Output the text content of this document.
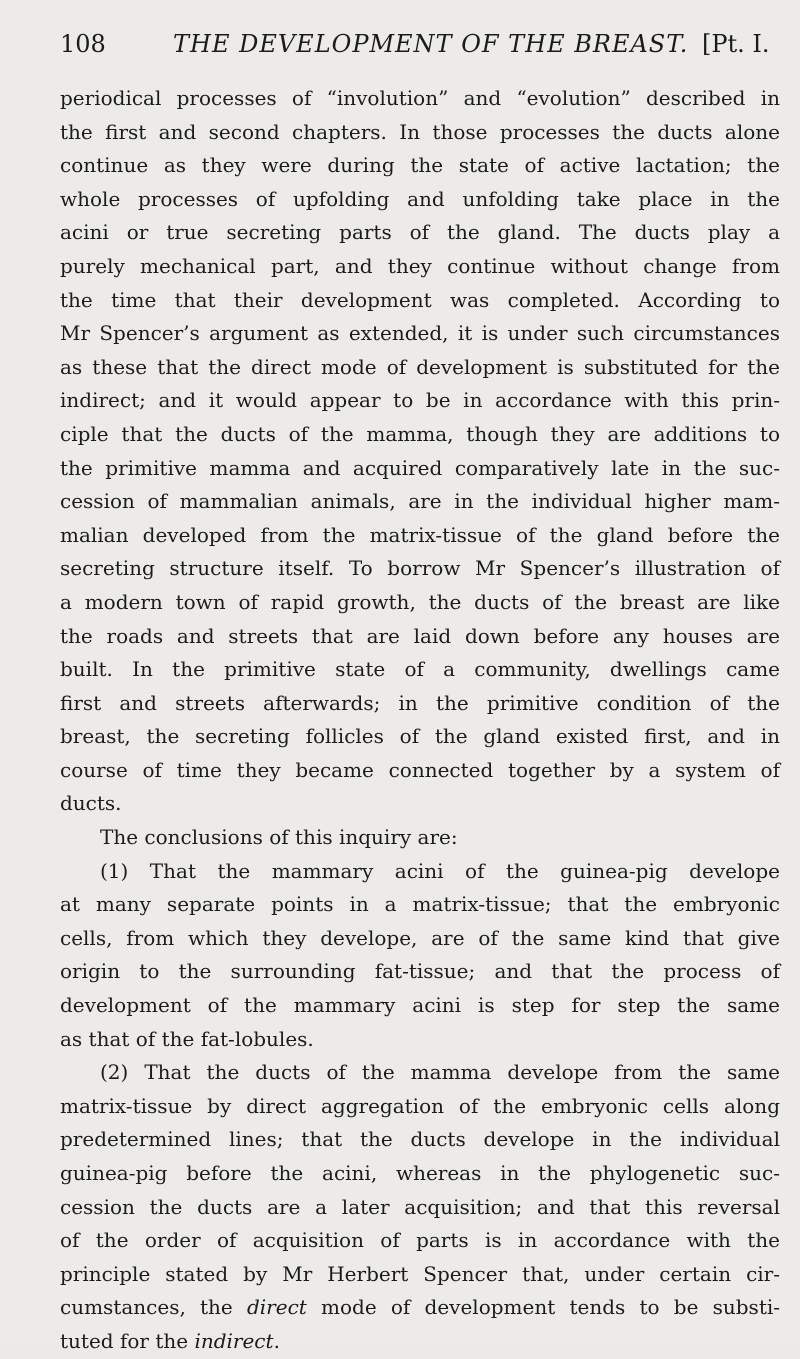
108	THE DEVELOPMENT OF THE BREAST. [Pt. I.
periodical processes of “involution” and “evolution” described in
the first and second chapters. In those processes the ducts alone
continue as they were during the state of active lactation; the
whole processes of upfolding and unfolding take place in the
acini or true secreting parts of the gland. The ducts play a
purely mechanical part, and they continue without change from
the time that their development was completed. According to
Mr Spencer’s argument as extended, it is under such circumstances
as these that the direct mode of development is substituted for the
indirect; and it would appear to be in accordance with this prin-
ciple that the ducts of the mamma, though they are additions to
the primitive mamma and acquired comparatively late in the suc-
cession of mammalian animals, are in the individual higher mam-
malian developed from the matrix-tissue of the gland before the
secreting structure itself. To borrow Mr Spencer’s illustration of
a modern town of rapid growth, the ducts of the breast are like
the roads and streets that are laid down before any houses are
built. In the primitive state of a community, dwellings came
first and streets afterwards; in the primitive condition of the
breast, the secreting follicles of the gland existed first, and in
course of time they became connected together by a system of
ducts.
The conclusions of this inquiry are:
(1) That the mammary acini of the guinea-pig develope
at many separate points in a matrix-tissue; that the embryonic
cells, from which they develope, are of the same kind that give
origin to the surrounding fat-tissue; and that the process of
development of the mammary acini is step for step the same
as that of the fat-lobules.
(2) That the ducts of the mamma develope from the same
matrix-tissue by direct aggregation of the embryonic cells along
predetermined lines; that the ducts develope in the individual
guinea-pig before the acini, whereas in the phylogenetic suc-
cession the ducts are a later acquisition; and that this reversal
of the order of acquisition of parts is in accordance with the
principle stated by Mr Herbert Spencer that, under certain cir-
cumstances, the direct mode of development tends to be substi-
tuted for the indirect.
